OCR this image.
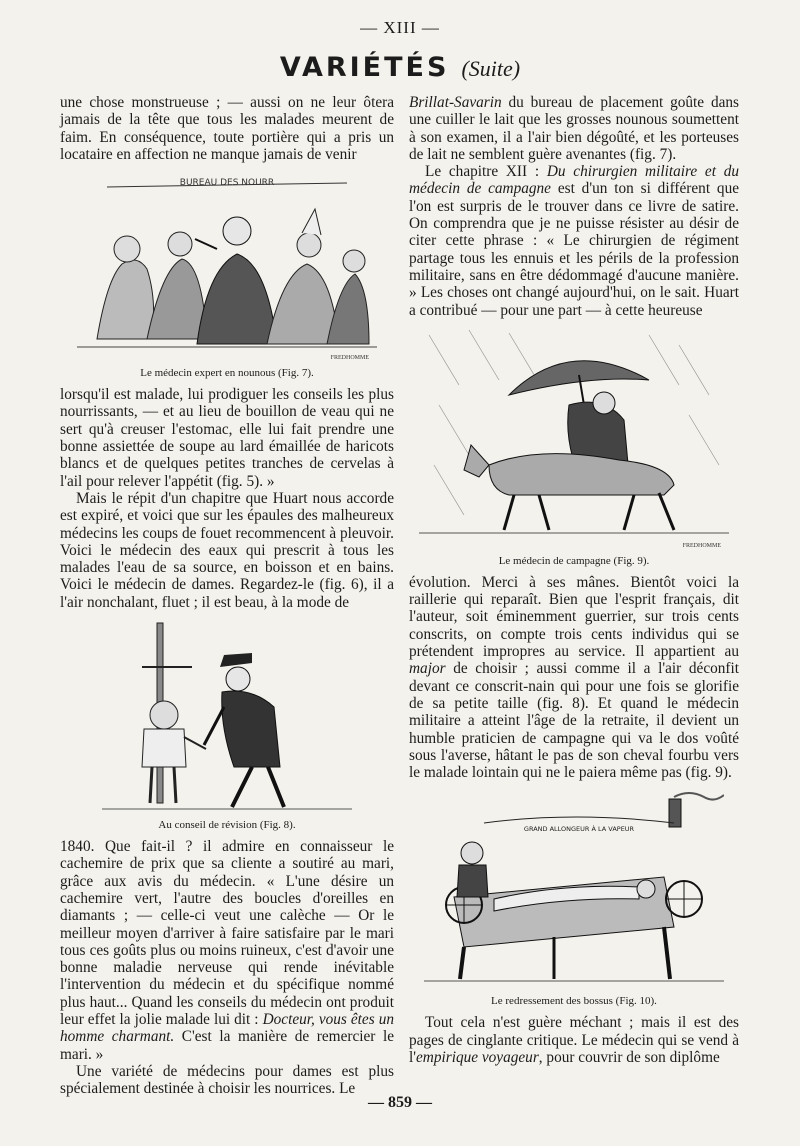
— XIII —
VARIÉTÉS (Suite)

une chose monstrueuse ; — aussi on ne leur ôtera jamais de la tête que tous les malades meurent de faim. En conséquence, toute portière qui a pris un locataire en affection ne manque jamais de venir

BUREAU DES NOURR
FREDHOMME
Le médecin expert en nounous (Fig. 7).

lorsqu'il est malade, lui prodiguer les conseils les plus nourrissants, — et au lieu de bouillon de veau qui ne sert qu'à creuser l'estomac, elle lui fait prendre une bonne assiettée de soupe au lard émaillée de haricots blancs et de quelques petites tranches de cervelas à l'ail pour relever l'appétit (fig. 5). »

Mais le répit d'un chapitre que Huart nous accorde est expiré, et voici que sur les épaules des malheureux médecins les coups de fouet recommencent à pleuvoir. Voici le médecin des eaux qui prescrit à tous les malades l'eau de sa source, en boisson et en bains. Voici le médecin de dames. Regardez-le (fig. 6), il a l'air nonchalant, fluet ; il est beau, à la mode de

Au conseil de révision (Fig. 8).

1840. Que fait-il ? il admire en connaisseur le cachemire de prix que sa cliente a soutiré au mari, grâce aux avis du médecin. « L'une désire un cachemire vert, l'autre des boucles d'oreilles en diamants ; — celle-ci veut une calèche — Or le meilleur moyen d'arriver à faire satisfaire par le mari tous ces goûts plus ou moins ruineux, c'est d'avoir une bonne maladie nerveuse qui rende inévitable l'intervention du médecin et du spécifique nommé plus haut... Quand les conseils du médecin ont produit leur effet la jolie malade lui dit : Docteur, vous êtes un homme charmant. C'est la manière de remercier le mari. »

Une variété de médecins pour dames est plus spécialement destinée à choisir les nourrices. Le

Brillat-Savarin du bureau de placement goûte dans une cuiller le lait que les grosses nounous soumettent à son examen, il a l'air bien dégoûté, et les porteuses de lait ne semblent guère avenantes (fig. 7).

Le chapitre XII : Du chirurgien militaire et du médecin de campagne est d'un ton si différent que l'on est surpris de le trouver dans ce livre de satire. On comprendra que je ne puisse résister au désir de citer cette phrase : « Le chirurgien de régiment partage tous les ennuis et les périls de la profession militaire, sans en être dédommagé d'aucune manière. » Les choses ont changé aujourd'hui, on le sait. Huart a contribué — pour une part — à cette heureuse

FREDHOMME
Le médecin de campagne (Fig. 9).

évolution. Merci à ses mânes. Bientôt voici la raillerie qui reparaît. Bien que l'esprit français, dit l'auteur, soit éminemment guerrier, sur trois cents conscrits, on compte trois cents individus qui se prétendent impropres au service. Il appartient au major de choisir ; aussi comme il a l'air déconfit devant ce conscrit-nain qui pour une fois se glorifie de sa petite taille (fig. 8). Et quand le médecin militaire a atteint l'âge de la retraite, il devient un humble praticien de campagne qui va le dos voûté sous l'averse, hâtant le pas de son cheval fourbu vers le malade lointain qui ne le paiera même pas (fig. 9).

GRAND ALLONGEUR À LA VAPEUR
Le redressement des bossus (Fig. 10).

Tout cela n'est guère méchant ; mais il est des pages de cinglante critique. Le médecin qui se vend à l'empirique voyageur, pour couvrir de son diplôme

— 859 —
